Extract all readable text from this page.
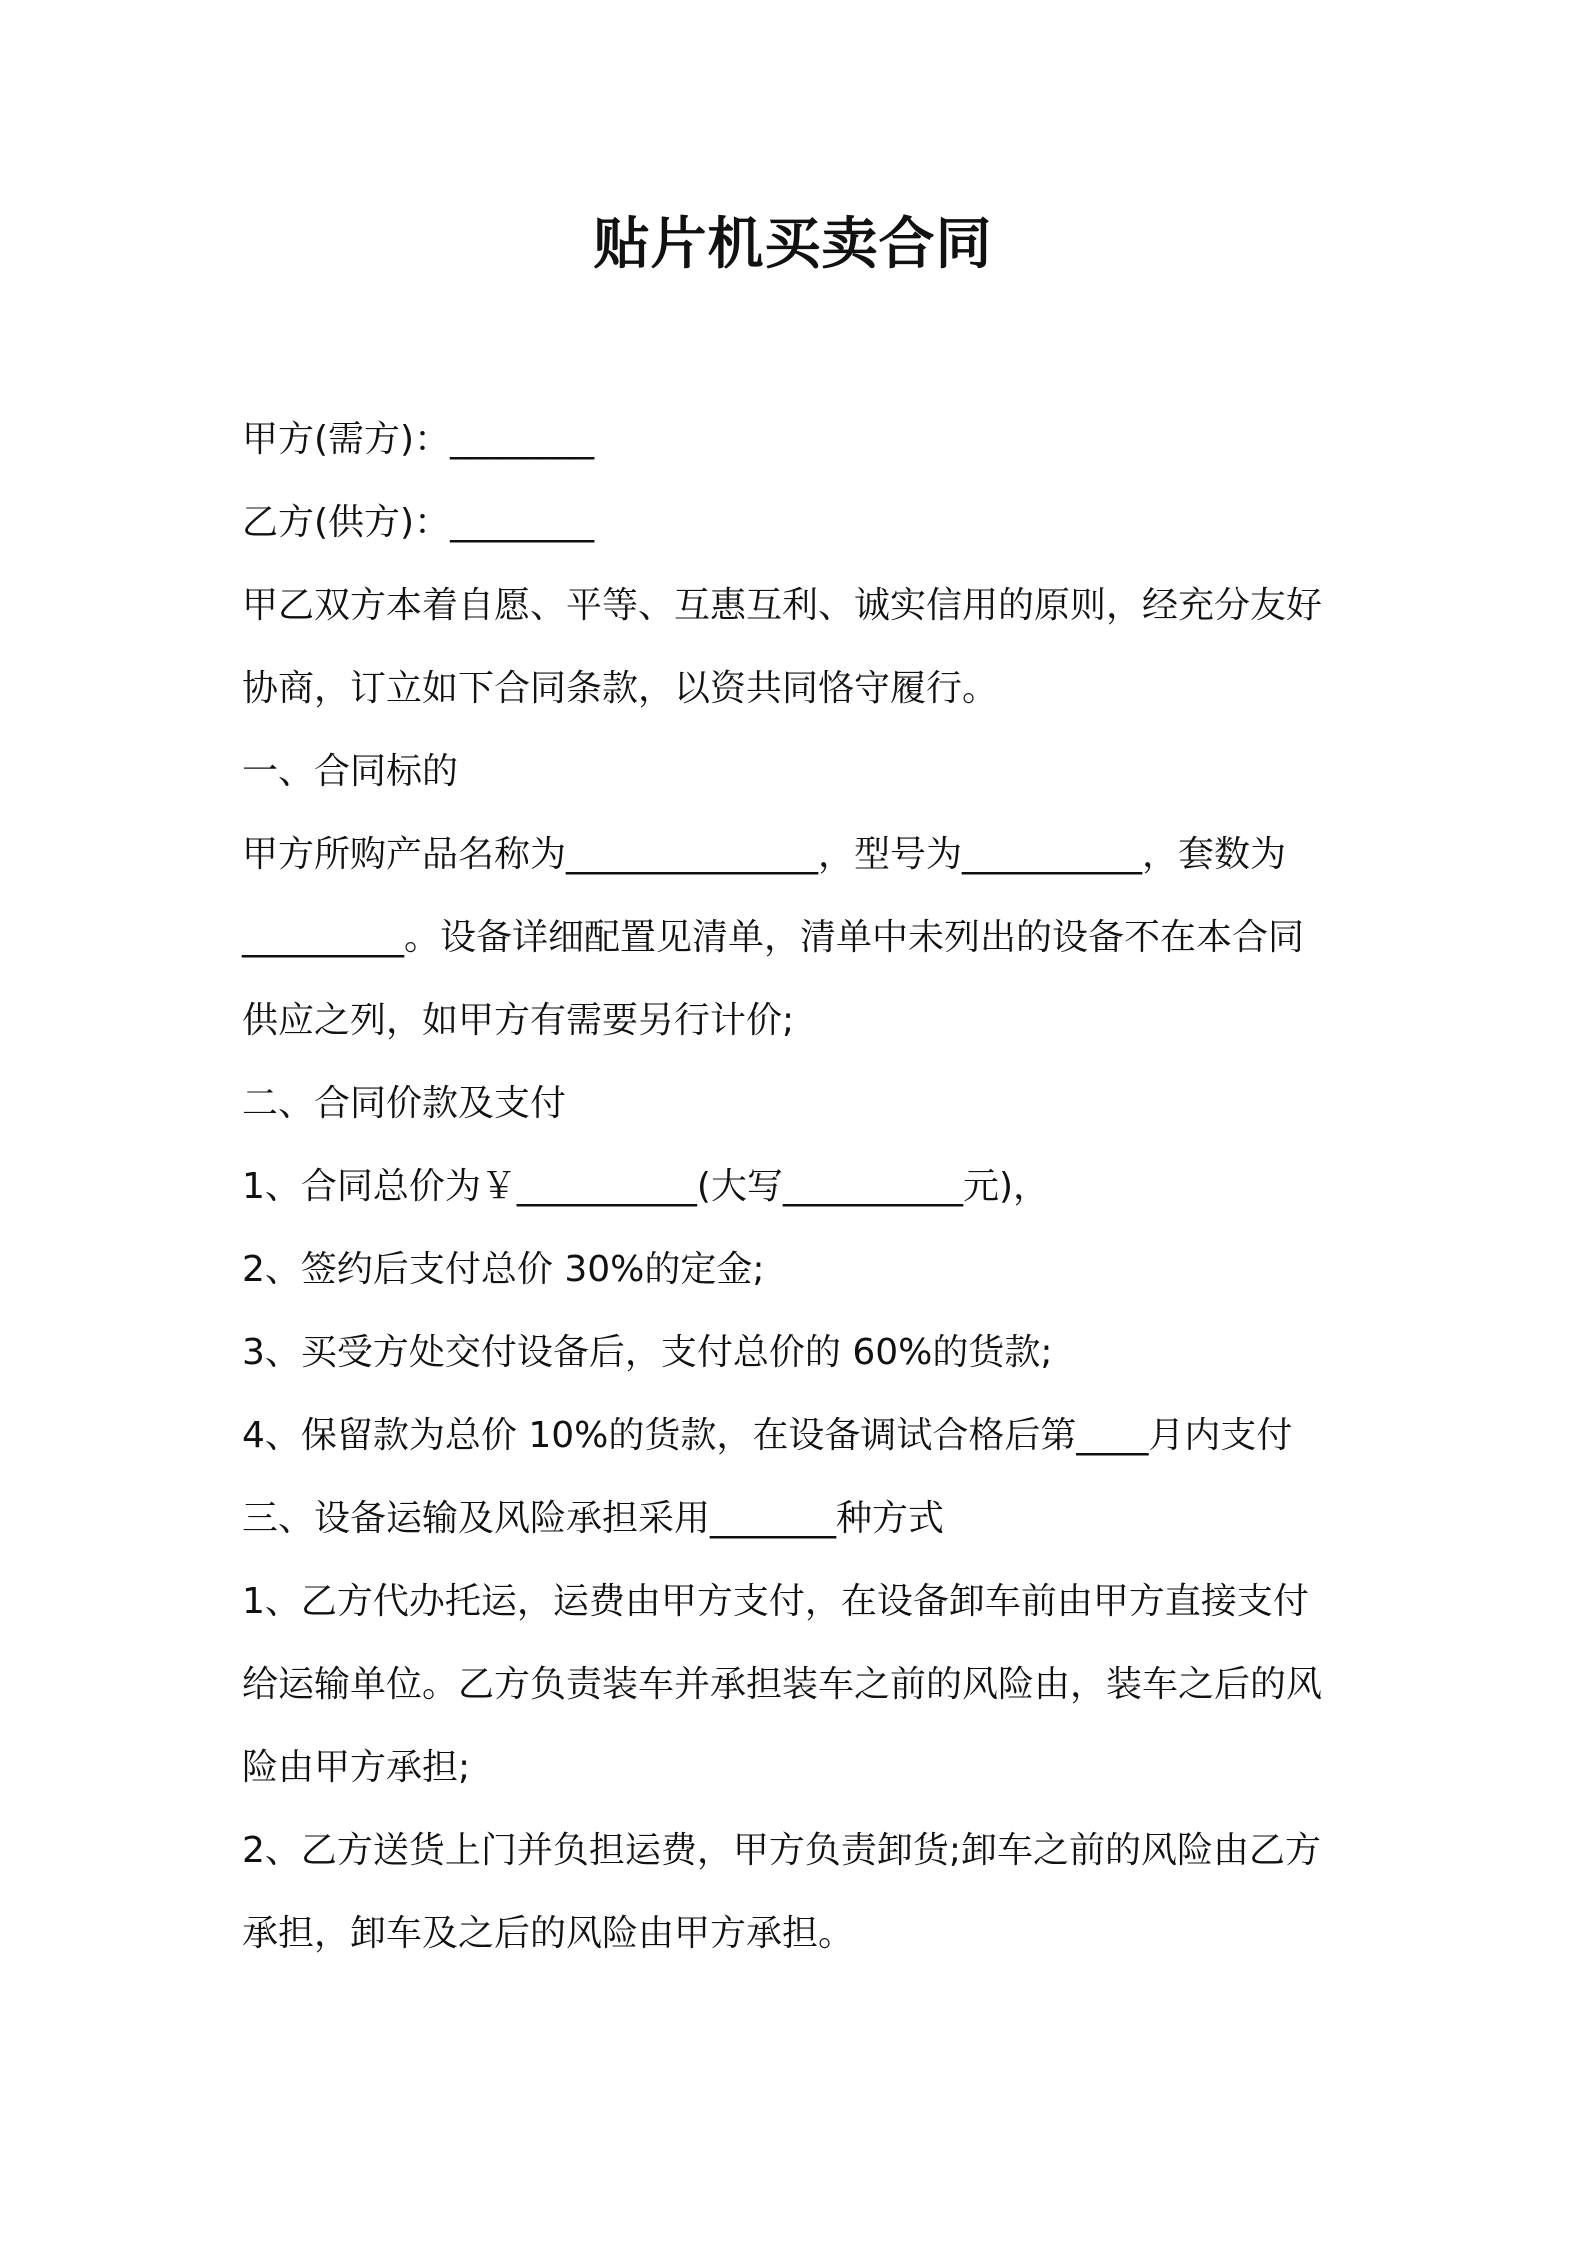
贴片机买卖合同
甲方(需方)：________
乙方(供方)：________
甲乙双方本着自愿、平等、互惠互利、诚实信用的原则，经充分友好
协商，订立如下合同条款，以资共同恪守履行。
一、合同标的
甲方所购产品名称为______________，型号为__________，套数为
_________。设备详细配置见清单，清单中未列出的设备不在本合同
供应之列，如甲方有需要另行计价;
二、合同价款及支付
1、合同总价为￥__________(大写__________元)，
2、签约后支付总价 30%的定金;
3、买受方处交付设备后，支付总价的 60%的货款;
4、保留款为总价 10%的货款，在设备调试合格后第____月内支付
三、设备运输及风险承担采用_______种方式
1、乙方代办托运，运费由甲方支付，在设备卸车前由甲方直接支付
给运输单位。乙方负责装车并承担装车之前的风险由，装车之后的风
险由甲方承担;
2、乙方送货上门并负担运费，甲方负责卸货;卸车之前的风险由乙方
承担，卸车及之后的风险由甲方承担。
